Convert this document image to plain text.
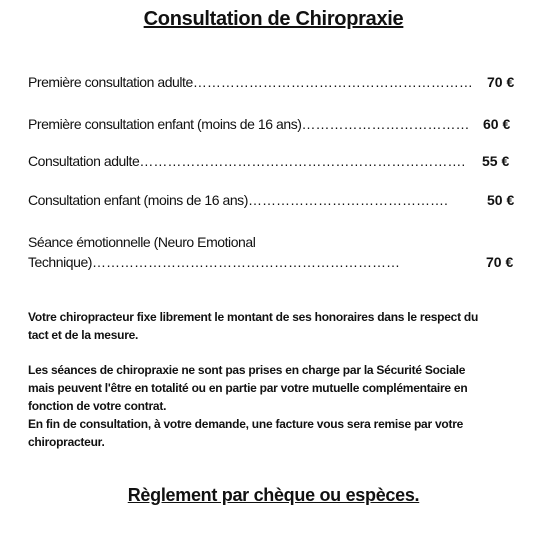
Consultation de Chiropraxie
Première consultation adulte…………………………………………………… 70 €
Première consultation enfant (moins de 16 ans)……………………………… 60 €
Consultation adulte……………………………………………………………. 55 €
Consultation enfant (moins de 16 ans)…………………………………….	50 €
Séance émotionnelle (Neuro Emotional
Technique)…………………………………………………………	70 €
Votre chiropracteur fixe librement le montant de ses honoraires dans le respect du
tact et de la mesure.
Les séances de chiropraxie ne sont pas prises en charge par la Sécurité Sociale
mais peuvent l'être en totalité ou en partie par votre mutuelle complémentaire en
fonction de votre contrat.
En fin de consultation, à votre demande, une facture vous sera remise par votre
chiropracteur.
Règlement par chèque ou espèces.
